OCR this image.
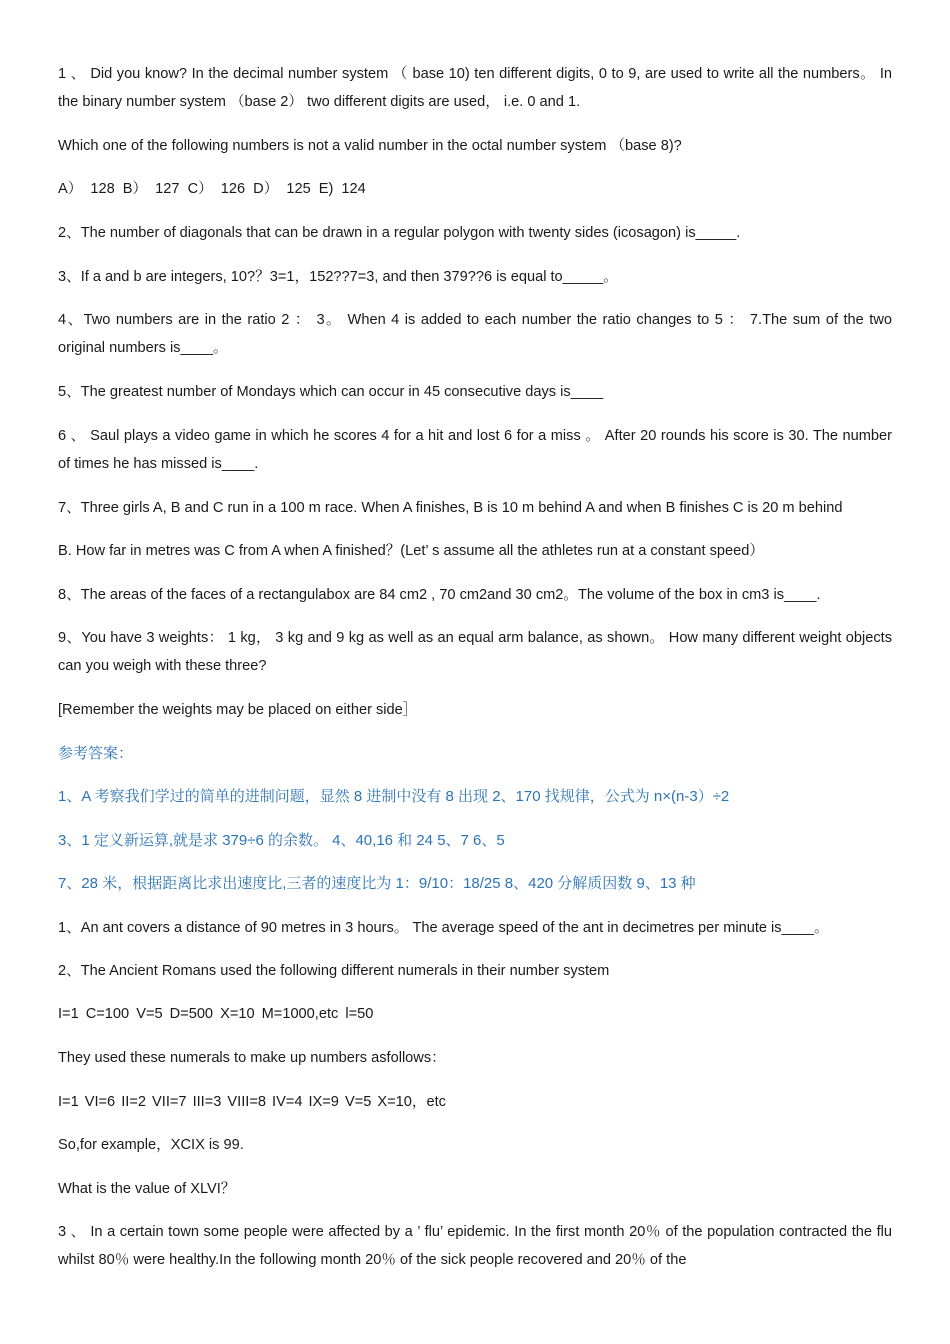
1 、 Did you know? In the decimal number system （ base 10) ten different digits, 0 to 9, are used to write all the numbers。 In the binary number system （base 2） two different digits are used， i.e. 0 and 1.
Which one of the following numbers is not a valid number in the octal number system （base 8)?
A） 128 B） 127 C） 126 D） 125 E) 124
2、The number of diagonals that can be drawn in a regular polygon with twenty sides (icosagon) is_____.
3、If a and b are integers, 10?？3=1，152??7=3, and then 379??6 is equal to_____。
4、Two numbers are in the ratio 2 ： 3。 When 4 is added to each number the ratio changes to 5 ： 7.The sum of the two original numbers is____。
5、The greatest number of Mondays which can occur in 45 consecutive days is____
6 、 Saul plays a video game in which he scores 4 for a hit and lost 6 for a miss 。 After 20 rounds his score is 30. The number of times he has missed is____.
7、Three girls A, B and C run in a 100 m race. When A finishes, B is 10 m behind A and when B finishes C is 20 m behind
B. How far in metres was C from A when A finished？(Let’ s assume all the athletes run at a constant speed）
8、The areas of the faces of a rectangulabox are 84 cm2 , 70 cm2and 30 cm2。The volume of the box in cm3 is____.
9、You have 3 weights： 1 kg， 3 kg and 9 kg as well as an equal arm balance, as shown。 How many different weight objects can you weigh with these three?
[Remember the weights may be placed on either side］
参考答案：
1、A 考察我们学过的简单的进制问题，显然 8 进制中没有 8 出现 2、170 找规律，公式为 n×(n-3）÷2
3、1 定义新运算,就是求 379÷6 的余数。 4、40,16 和 24 5、7 6、5
7、28 米，根据距离比求出速度比,三者的速度比为 1：9/10：18/25 8、420 分解质因数 9、13 种
1、An ant covers a distance of 90 metres in 3 hours。 The average speed of the ant in decimetres per minute is____。
2、The Ancient Romans used the following different numerals in their number system
I=1 C=100 V=5 D=500 X=10 M=1000,etc l=50
They used these numerals to make up numbers asfollows：
I=1 VI=6 II=2 VII=7 III=3 VIII=8 IV=4 IX=9 V=5 X=10，etc
So,for example，XCIX is 99.
What is the value of XLVI？
3 、 In a certain town some people were affected by a ’ flu’ epidemic. In the first month 20％ of the population contracted the flu whilst 80％ were healthy.In the following month 20％ of the sick people recovered and 20％ of the
